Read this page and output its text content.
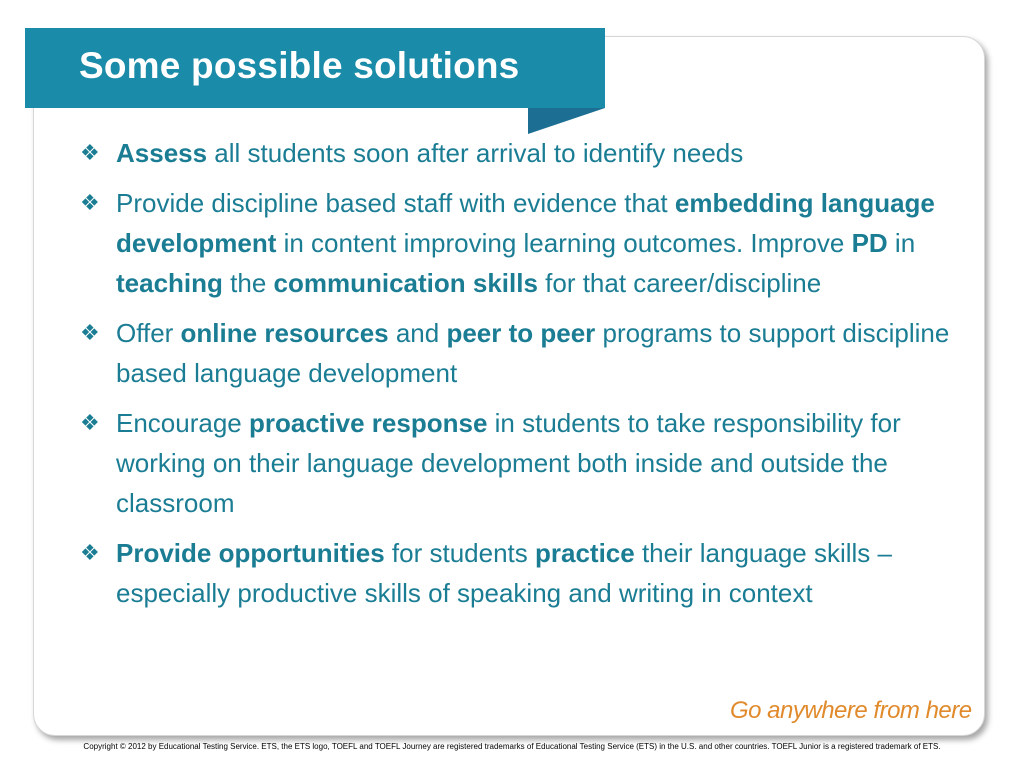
Some possible solutions
❖ Assess all students soon after arrival to identify needs
❖ Provide discipline based staff with evidence that embedding language development in content improving learning outcomes. Improve PD in teaching the communication skills for that career/discipline
❖ Offer online resources and peer to peer programs to support discipline based language development
❖ Encourage proactive response in students to take responsibility for working on their language development both inside and outside the classroom
❖ Provide opportunities for students practice their language skills – especially productive skills of speaking and writing in context
Go anywhere from here
Copyright © 2012 by Educational Testing Service. ETS, the ETS logo, TOEFL and TOEFL Journey are registered trademarks of Educational Testing Service (ETS) in the U.S. and other countries. TOEFL Junior is a registered trademark of ETS.
